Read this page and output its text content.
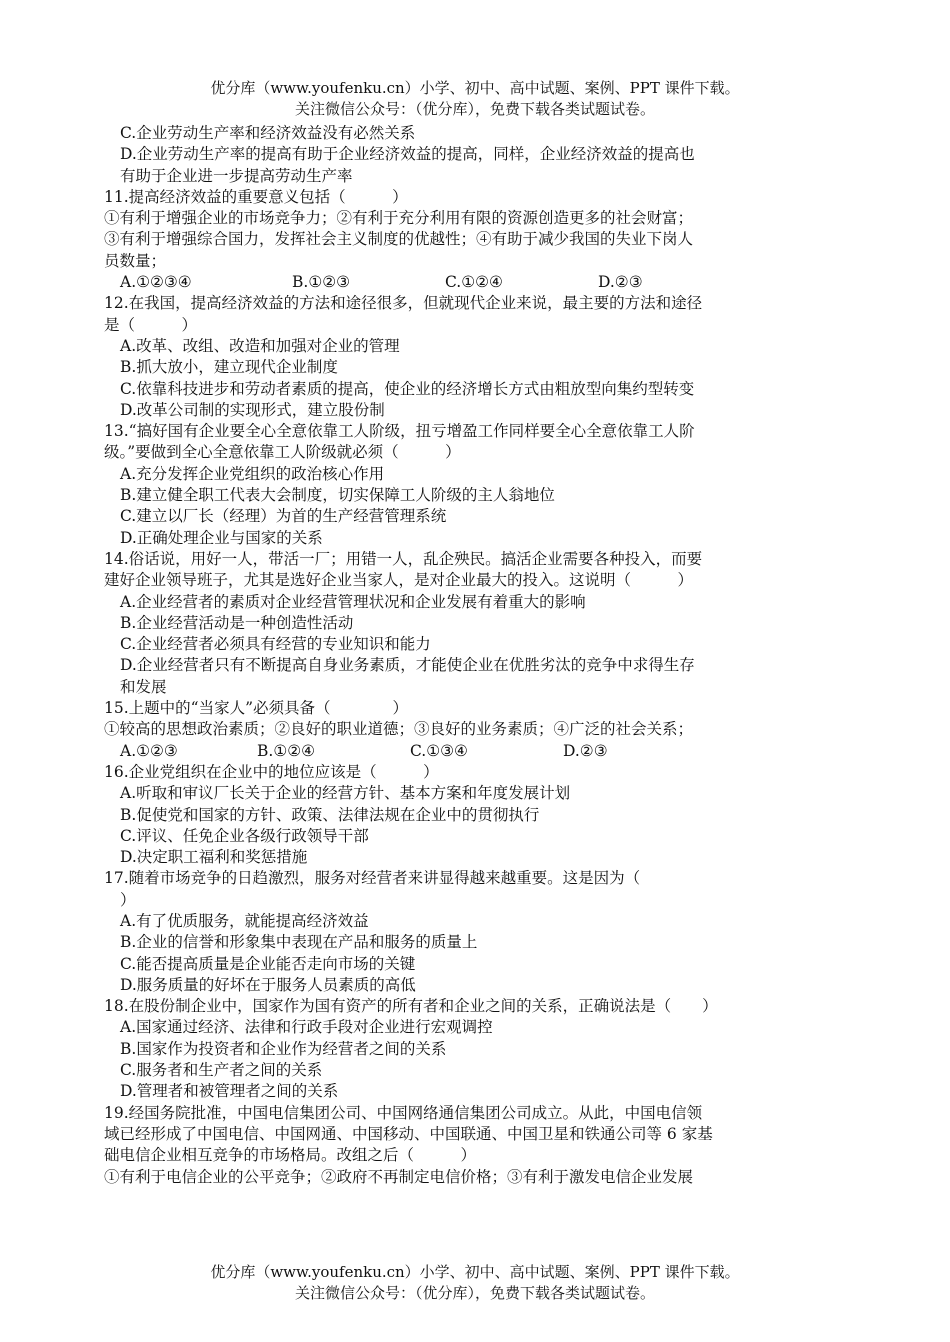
优分库（www.youfenku.cn）小学、初中、高中试题、案例、PPT 课件下载。
关注微信公众号：（优分库），免费下载各类试题试卷。
C.企业劳动生产率和经济效益没有必然关系
D.企业劳动生产率的提高有助于企业经济效益的提高，同样，企业经济效益的提高也
有助于企业进一步提高劳动生产率
11.提高经济效益的重要意义包括（　　　）
①有利于增强企业的市场竞争力；②有利于充分利用有限的资源创造更多的社会财富；
③有利于增强综合国力，发挥社会主义制度的优越性；④有助于减少我国的失业下岗人
员数量；
A.①②③④	B.①②③	C.①②④	D.②③
12.在我国，提高经济效益的方法和途径很多，但就现代企业来说，最主要的方法和途径
是（　　　）
A.改革、改组、改造和加强对企业的管理
B.抓大放小，建立现代企业制度
C.依靠科技进步和劳动者素质的提高，使企业的经济增长方式由粗放型向集约型转变
D.改革公司制的实现形式，建立股份制
13.“搞好国有企业要全心全意依靠工人阶级，扭亏增盈工作同样要全心全意依靠工人阶
级。”要做到全心全意依靠工人阶级就必须（　　　）
A.充分发挥企业党组织的政治核心作用
B.建立健全职工代表大会制度，切实保障工人阶级的主人翁地位
C.建立以厂长（经理）为首的生产经营管理系统
D.正确处理企业与国家的关系
14.俗话说，用好一人，带活一厂；用错一人，乱企殃民。搞活企业需要各种投入，而要
建好企业领导班子，尤其是选好企业当家人，是对企业最大的投入。这说明（　　　）
A.企业经营者的素质对企业经营管理状况和企业发展有着重大的影响
B.企业经营活动是一种创造性活动
C.企业经营者必须具有经营的专业知识和能力
D.企业经营者只有不断提高自身业务素质，才能使企业在优胜劣汰的竞争中求得生存
和发展
15.上题中的“当家人”必须具备（　　　　）
①较高的思想政治素质；②良好的职业道德；③良好的业务素质；④广泛的社会关系；
A.①②③	B.①②④	C.①③④	D.②③
16.企业党组织在企业中的地位应该是（　　　）
A.听取和审议厂长关于企业的经营方针、基本方案和年度发展计划
B.促使党和国家的方针、政策、法律法规在企业中的贯彻执行
C.评议、任免企业各级行政领导干部
D.决定职工福利和奖惩措施
17.随着市场竞争的日趋激烈，服务对经营者来讲显得越来越重要。这是因为（
）
A.有了优质服务，就能提高经济效益
B.企业的信誉和形象集中表现在产品和服务的质量上
C.能否提高质量是企业能否走向市场的关键
D.服务质量的好坏在于服务人员素质的高低
18.在股份制企业中，国家作为国有资产的所有者和企业之间的关系，正确说法是（　　）
A.国家通过经济、法律和行政手段对企业进行宏观调控
B.国家作为投资者和企业作为经营者之间的关系
C.服务者和生产者之间的关系
D.管理者和被管理者之间的关系
19.经国务院批准，中国电信集团公司、中国网络通信集团公司成立。从此，中国电信领
域已经形成了中国电信、中国网通、中国移动、中国联通、中国卫星和铁通公司等 6 家基
础电信企业相互竞争的市场格局。改组之后（　　　）
①有利于电信企业的公平竞争；②政府不再制定电信价格；③有利于激发电信企业发展
优分库（www.youfenku.cn）小学、初中、高中试题、案例、PPT 课件下载。
关注微信公众号：（优分库），免费下载各类试题试卷。
